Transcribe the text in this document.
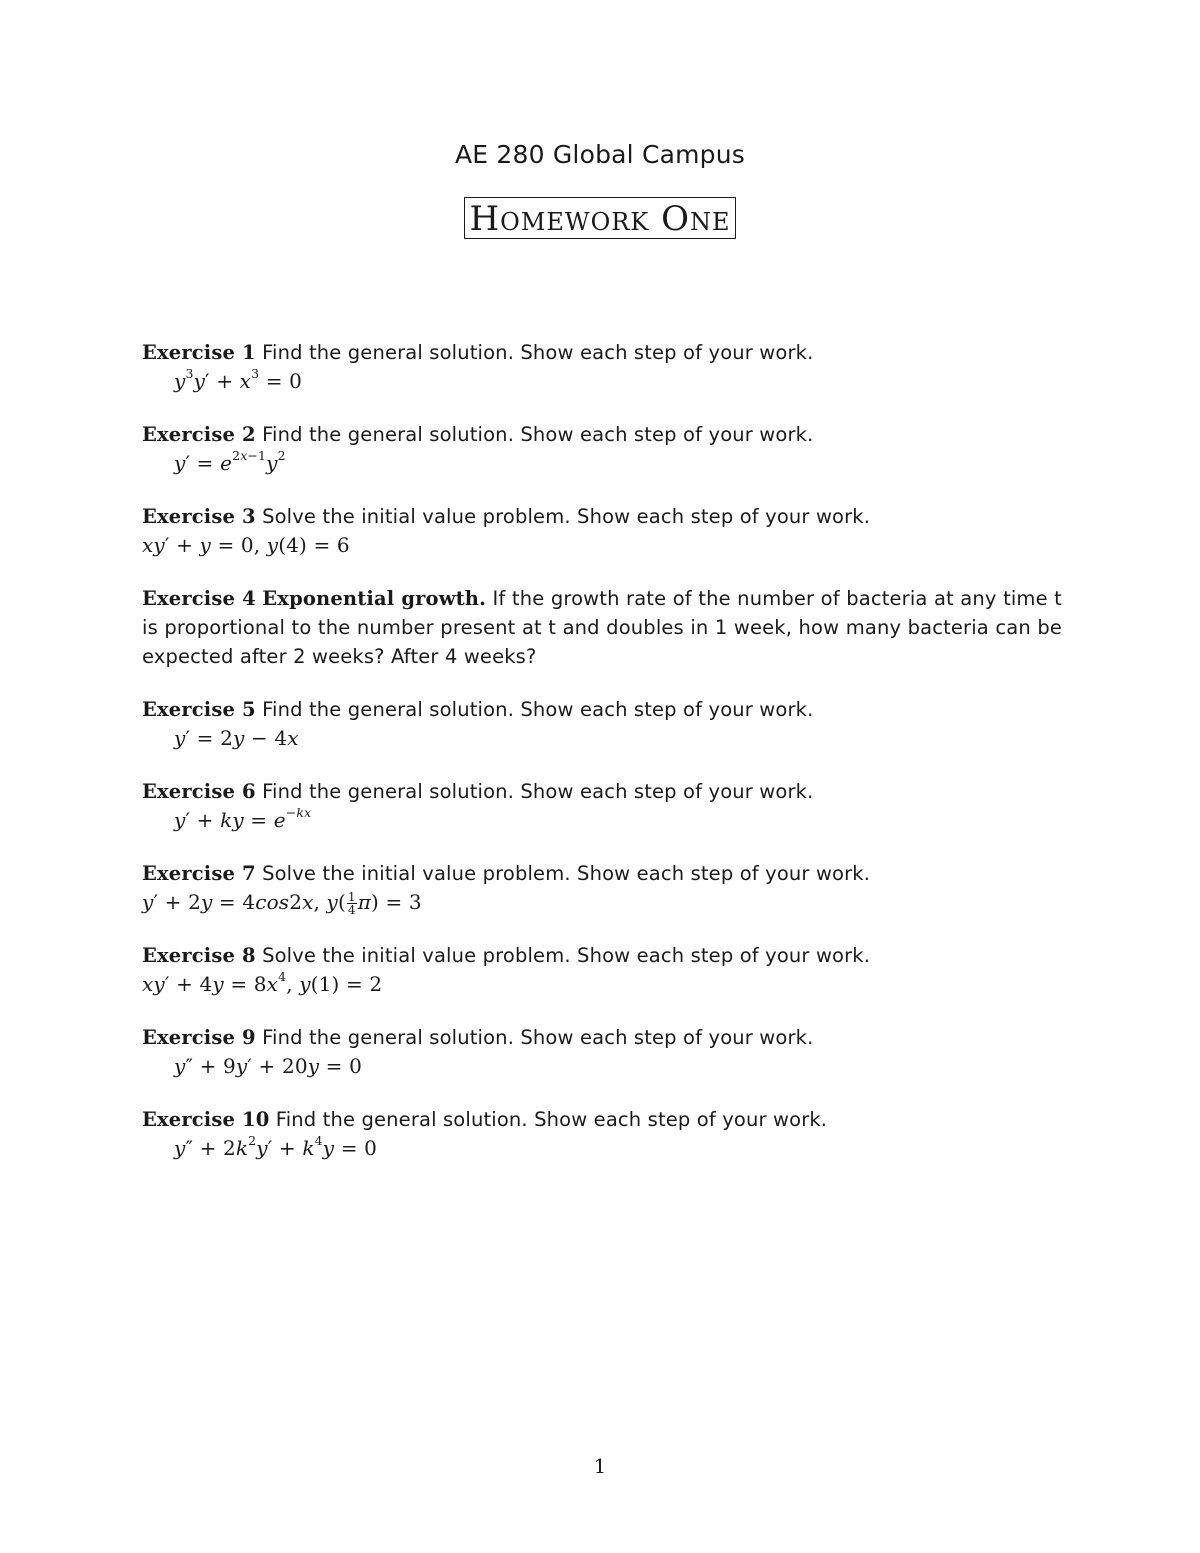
AE 280 Global Campus
Homework One
Exercise 1 Find the general solution. Show each step of your work.
$y^3y' + x^3 = 0$
Exercise 2 Find the general solution. Show each step of your work.
$y' = e^{2x-1}y^2$
Exercise 3 Solve the initial value problem. Show each step of your work.
xy′ + y = 0, y(4) = 6
Exercise 4 Exponential growth. If the growth rate of the number of bacteria at any time t is proportional to the number present at t and doubles in 1 week, how many bacteria can be expected after 2 weeks? After 4 weeks?
Exercise 5 Find the general solution. Show each step of your work.
y′ = 2y − 4x
Exercise 6 Find the general solution. Show each step of your work.
y′ + ky = $e^{-kx}$
Exercise 7 Solve the initial value problem. Show each step of your work.
y′ + 2y = 4cos2x, $y( \frac{1}{4} \pi) = 3$
Exercise 8 Solve the initial value problem. Show each step of your work.
$xy' + 4y = 8x^4$, y(1) = 2
Exercise 9 Find the general solution. Show each step of your work.
y″ + 9y′ + 20y = 0
Exercise 10 Find the general solution. Show each step of your work.
$y'' + 2k^2y' + k^4y = 0$
1
